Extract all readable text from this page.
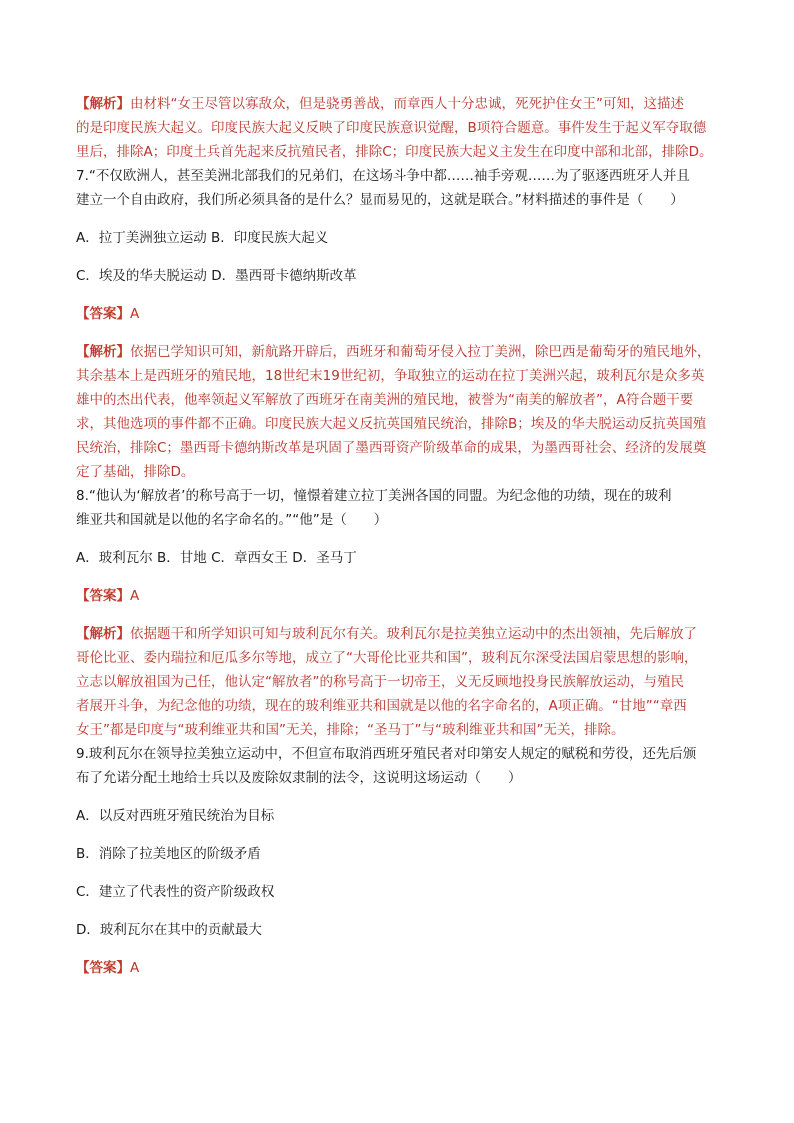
【解析】由材料“女王尽管以寡敌众，但是骁勇善战，而章西人十分忠诚，死死护住女王”可知，这描述
的是印度民族大起义。印度民族大起义反映了印度民族意识觉醒，B项符合题意。事件发生于起义军夺取德
里后，排除A；印度土兵首先起来反抗殖民者，排除C；印度民族大起义主发生在印度中部和北部，排除D。
7.“不仅欧洲人，甚至美洲北部我们的兄弟们，在这场斗争中都……袖手旁观……为了驱逐西班牙人并且
建立一个自由政府，我们所必须具备的是什么？显而易见的，这就是联合。”材料描述的事件是（　　）
A．拉丁美洲独立运动 B．印度民族大起义
C．埃及的华夫脱运动 D．墨西哥卡德纳斯改革
【答案】A
【解析】依据已学知识可知，新航路开辟后，西班牙和葡萄牙侵入拉丁美洲，除巴西是葡萄牙的殖民地外，
其余基本上是西班牙的殖民地，18世纪末19世纪初，争取独立的运动在拉丁美洲兴起，玻利瓦尔是众多英
雄中的杰出代表，他率领起义军解放了西班牙在南美洲的殖民地，被誉为“南美的解放者”，A符合题干要
求，其他选项的事件都不正确。印度民族大起义反抗英国殖民统治，排除B；埃及的华夫脱运动反抗英国殖
民统治，排除C；墨西哥卡德纳斯改革是巩固了墨西哥资产阶级革命的成果，为墨西哥社会、经济的发展奠
定了基础，排除D。
8.“他认为‘解放者’的称号高于一切，憧憬着建立拉丁美洲各国的同盟。为纪念他的功绩，现在的玻利
维亚共和国就是以他的名字命名的。”“他”是（　　）
A．玻利瓦尔 B．甘地 C．章西女王 D．圣马丁
【答案】A
【解析】依据题干和所学知识可知与玻利瓦尔有关。玻利瓦尔是拉美独立运动中的杰出领袖，先后解放了
哥伦比亚、委内瑞拉和厄瓜多尔等地，成立了“大哥伦比亚共和国”，玻利瓦尔深受法国启蒙思想的影响，
立志以解放祖国为己任，他认定“解放者”的称号高于一切帝王，义无反顾地投身民族解放运动，与殖民
者展开斗争，为纪念他的功绩，现在的玻利维亚共和国就是以他的名字命名的，A项正确。“甘地”“章西
女王”都是印度与“玻利维亚共和国”无关，排除；“圣马丁”与“玻利维亚共和国”无关，排除。
9.玻利瓦尔在领导拉美独立运动中，不但宣布取消西班牙殖民者对印第安人规定的赋税和劳役，还先后颁
布了允诺分配土地给士兵以及废除奴隶制的法令，这说明这场运动（　　）
A．以反对西班牙殖民统治为目标
B．消除了拉美地区的阶级矛盾
C．建立了代表性的资产阶级政权
D．玻利瓦尔在其中的贡献最大
【答案】A
